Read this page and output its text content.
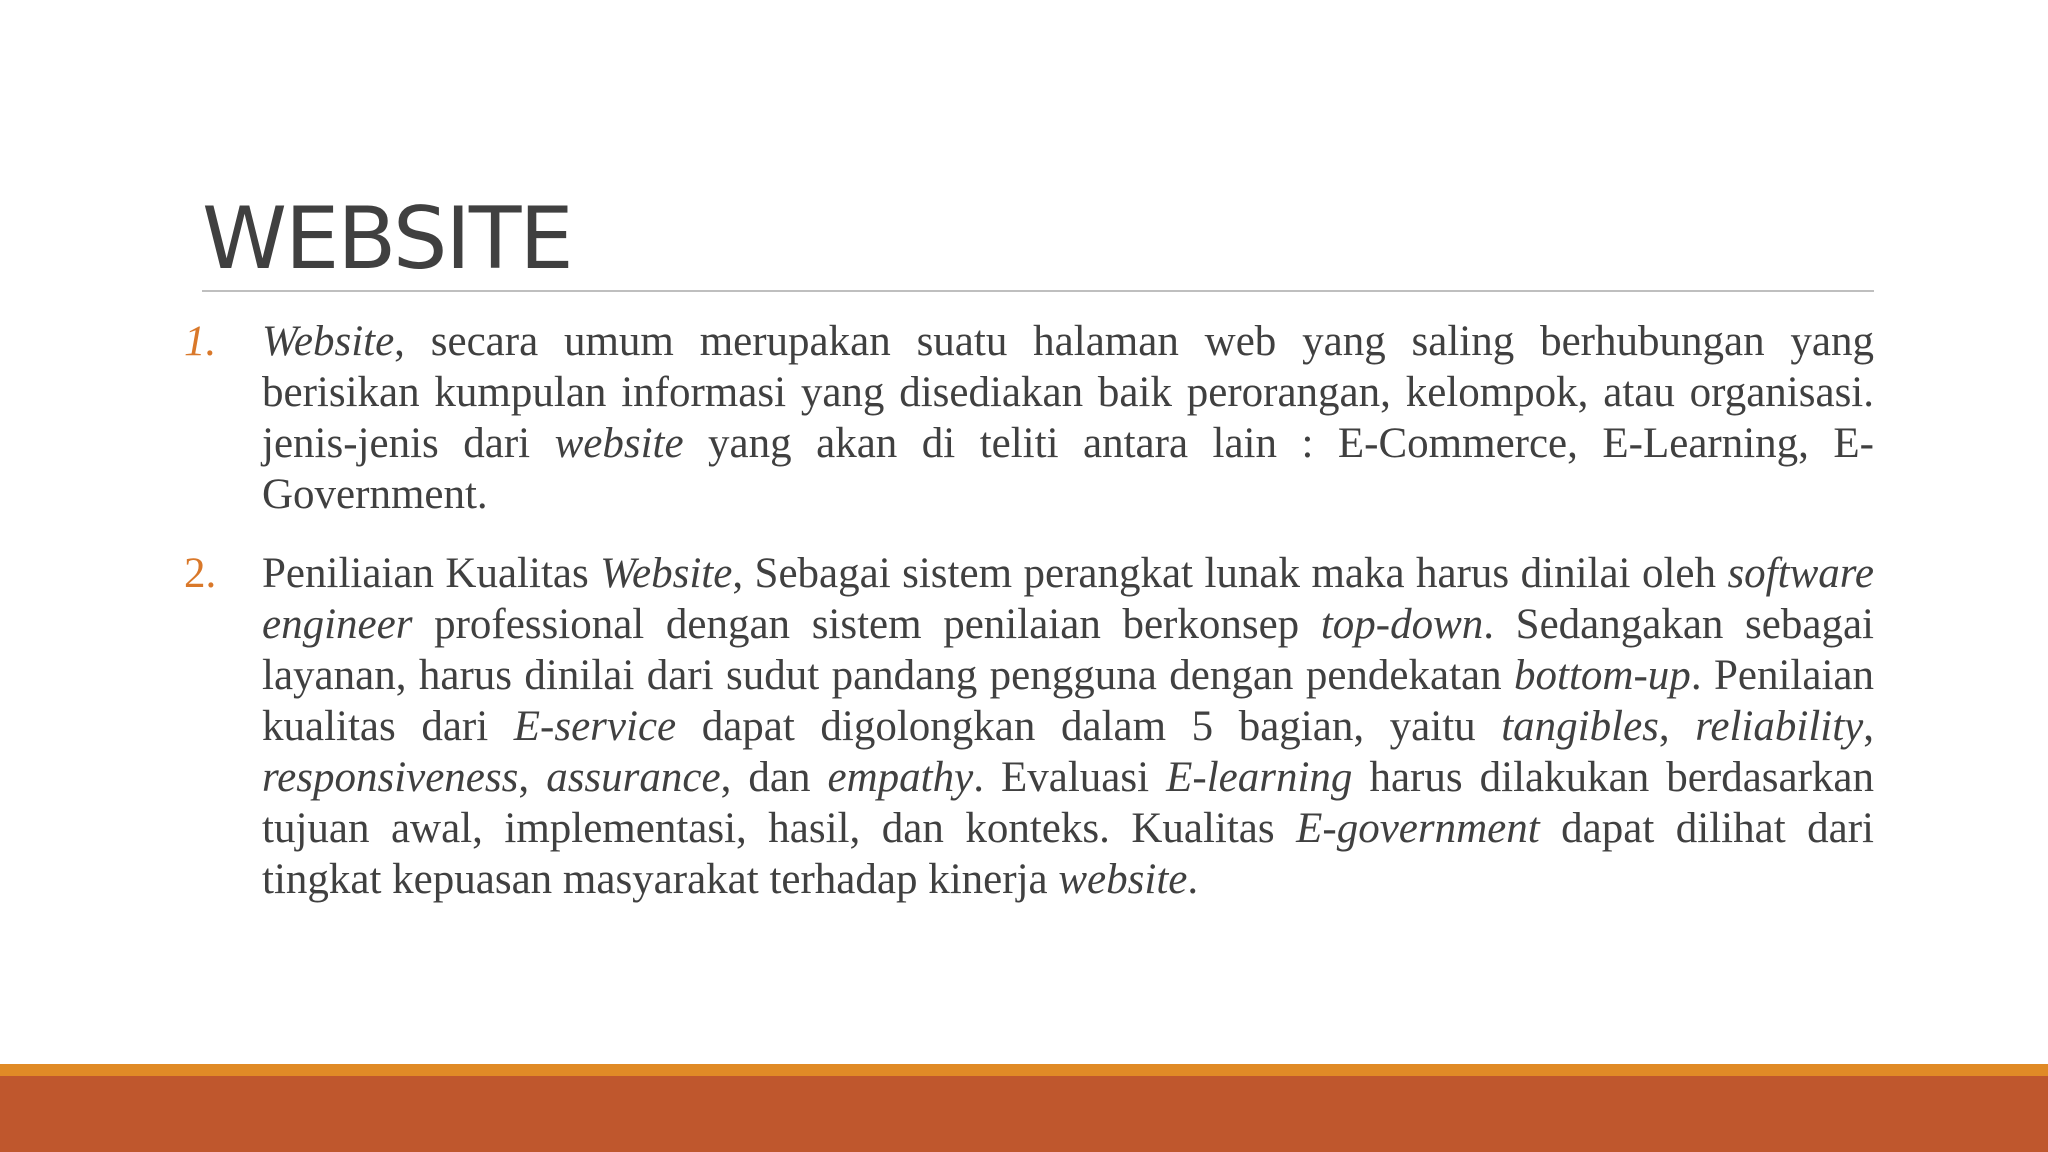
WEBSITE
1. Website, secara umum merupakan suatu halaman web yang saling berhubungan yang berisikan kumpulan informasi yang disediakan baik perorangan, kelompok, atau organisasi. jenis-jenis dari website yang akan di teliti antara lain : E-Commerce, E-Learning, E-Government.
2. Peniliaian Kualitas Website, Sebagai sistem perangkat lunak maka harus dinilai oleh software engineer professional dengan sistem penilaian berkonsep top-down. Sedangakan sebagai layanan, harus dinilai dari sudut pandang pengguna dengan pendekatan bottom-up. Penilaian kualitas dari E-service dapat digolongkan dalam 5 bagian, yaitu tangibles, reliability, responsiveness, assurance, dan empathy. Evaluasi E-learning harus dilakukan berdasarkan tujuan awal, implementasi, hasil, dan konteks. Kualitas E-government dapat dilihat dari tingkat kepuasan masyarakat terhadap kinerja website.
